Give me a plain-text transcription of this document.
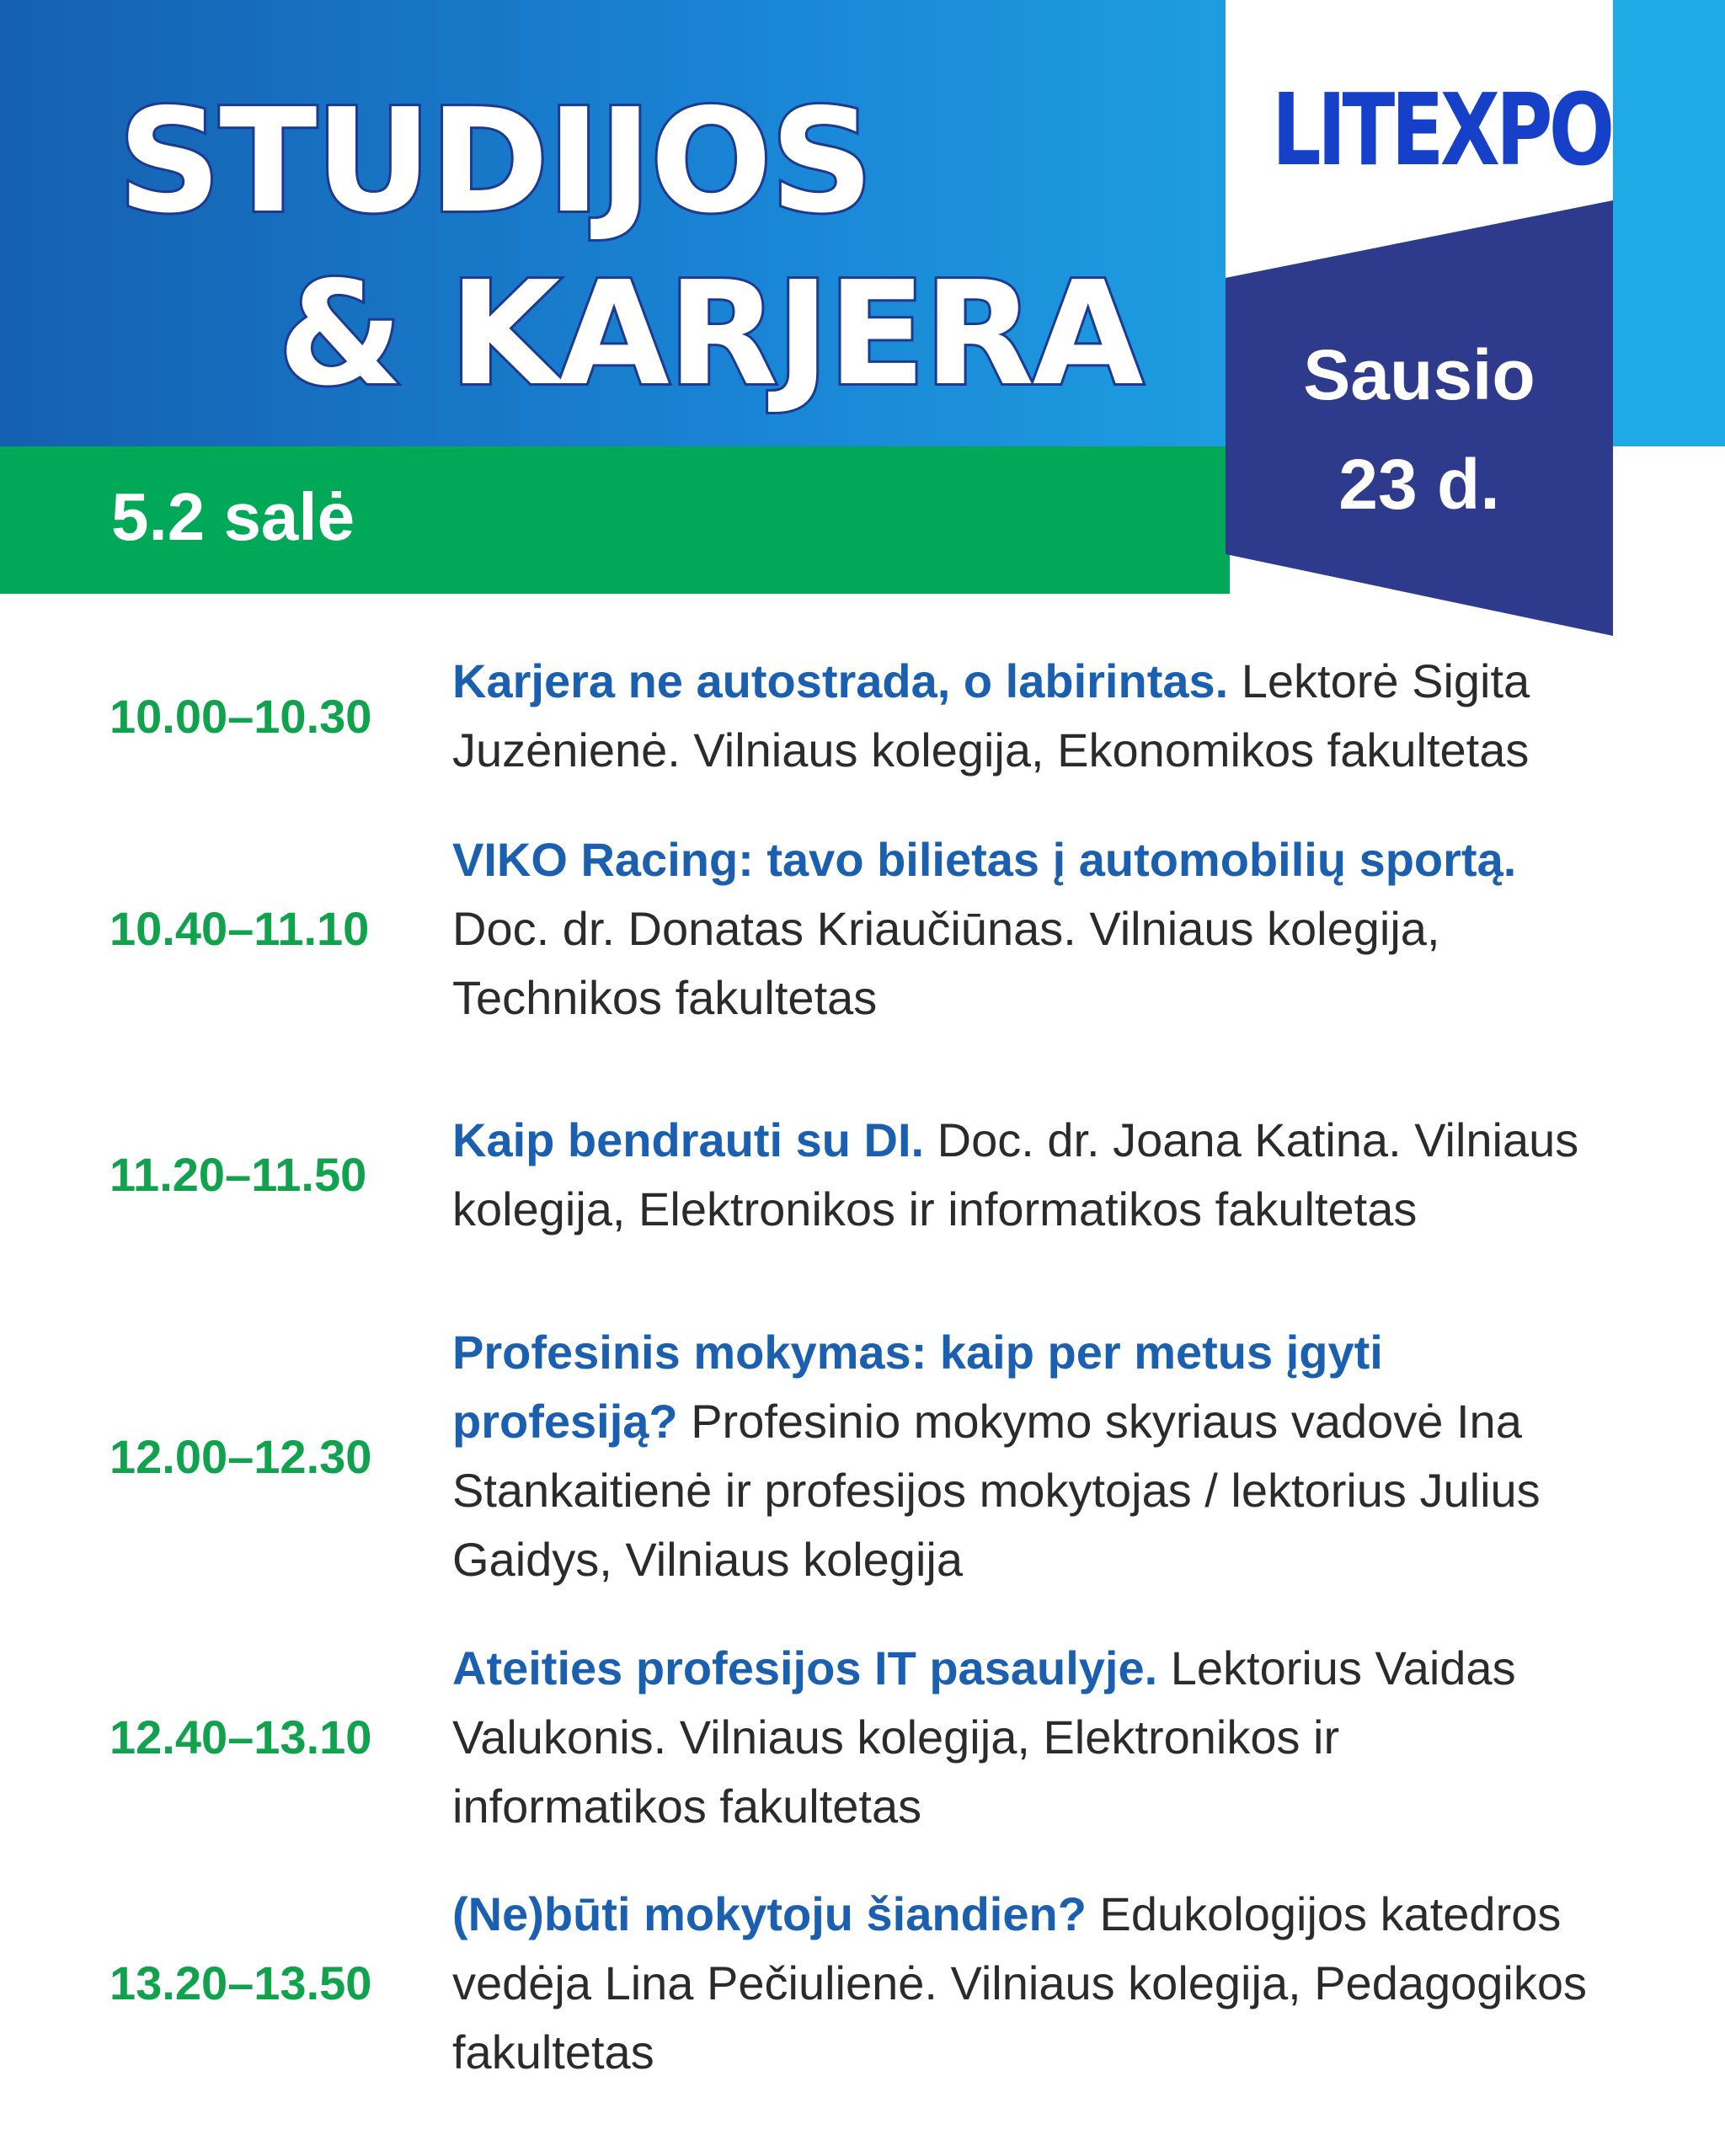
STUDIJOS
& KARJERA
5.2 salė
LITEXPO
Sausio
23 d.
10.00–10.30
Karjera ne autostrada, o labirintas. Lektorė Sigita Juzėnienė. Vilniaus kolegija, Ekonomikos fakultetas
10.40–11.10
VIKO Racing: tavo bilietas į automobilių sportą. Doc. dr. Donatas Kriaučiūnas. Vilniaus kolegija, Technikos fakultetas
11.20–11.50
Kaip bendrauti su DI. Doc. dr. Joana Katina. Vilniaus kolegija, Elektronikos ir informatikos fakultetas
12.00–12.30
Profesinis mokymas: kaip per metus įgyti profesiją? Profesinio mokymo skyriaus vadovė Ina Stankaitienė ir profesijos mokytojas / lektorius Julius Gaidys, Vilniaus kolegija
12.40–13.10
Ateities profesijos IT pasaulyje. Lektorius Vaidas Valukonis. Vilniaus kolegija, Elektronikos ir informatikos fakultetas
13.20–13.50
(Ne)būti mokytoju šiandien? Edukologijos katedros vedėja Lina Pečiulienė. Vilniaus kolegija, Pedagogikos fakultetas
